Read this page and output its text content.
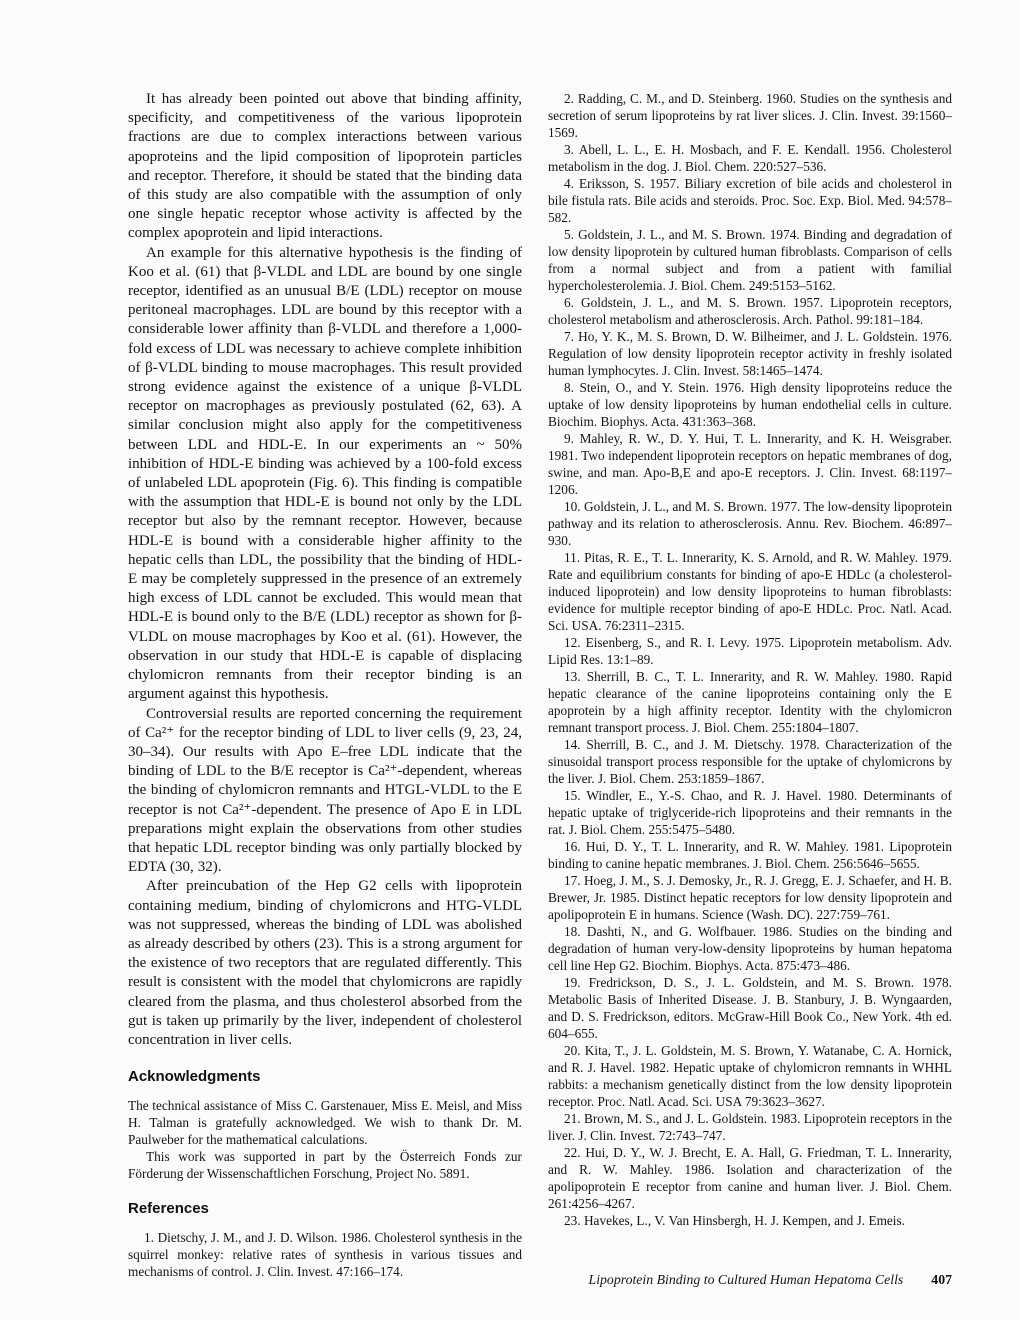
It has already been pointed out above that binding affinity, specificity, and competitiveness of the various lipoprotein fractions are due to complex interactions between various apoproteins and the lipid composition of lipoprotein particles and receptor. Therefore, it should be stated that the binding data of this study are also compatible with the assumption of only one single hepatic receptor whose activity is affected by the complex apoprotein and lipid interactions.

An example for this alternative hypothesis is the finding of Koo et al. (61) that β-VLDL and LDL are bound by one single receptor, identified as an unusual B/E (LDL) receptor on mouse peritoneal macrophages. LDL are bound by this receptor with a considerable lower affinity than β-VLDL and therefore a 1,000-fold excess of LDL was necessary to achieve complete inhibition of β-VLDL binding to mouse macrophages. This result provided strong evidence against the existence of a unique β-VLDL receptor on macrophages as previously postulated (62, 63). A similar conclusion might also apply for the competitiveness between LDL and HDL-E. In our experiments an ~ 50% inhibition of HDL-E binding was achieved by a 100-fold excess of unlabeled LDL apoprotein (Fig. 6). This finding is compatible with the assumption that HDL-E is bound not only by the LDL receptor but also by the remnant receptor. However, because HDL-E is bound with a considerable higher affinity to the hepatic cells than LDL, the possibility that the binding of HDL-E may be completely suppressed in the presence of an extremely high excess of LDL cannot be excluded. This would mean that HDL-E is bound only to the B/E (LDL) receptor as shown for β-VLDL on mouse macrophages by Koo et al. (61). However, the observation in our study that HDL-E is capable of displacing chylomicron remnants from their receptor binding is an argument against this hypothesis.

Controversial results are reported concerning the requirement of Ca²⁺ for the receptor binding of LDL to liver cells (9, 23, 24, 30–34). Our results with Apo E–free LDL indicate that the binding of LDL to the B/E receptor is Ca²⁺-dependent, whereas the binding of chylomicron remnants and HTGL-VLDL to the E receptor is not Ca²⁺-dependent. The presence of Apo E in LDL preparations might explain the observations from other studies that hepatic LDL receptor binding was only partially blocked by EDTA (30, 32).

After preincubation of the Hep G2 cells with lipoprotein containing medium, binding of chylomicrons and HTG-VLDL was not suppressed, whereas the binding of LDL was abolished as already described by others (23). This is a strong argument for the existence of two receptors that are regulated differently. This result is consistent with the model that chylomicrons are rapidly cleared from the plasma, and thus cholesterol absorbed from the gut is taken up primarily by the liver, independent of cholesterol concentration in liver cells.

Acknowledgments

The technical assistance of Miss C. Garstenauer, Miss E. Meisl, and Miss H. Talman is gratefully acknowledged. We wish to thank Dr. M. Paulweber for the mathematical calculations.

This work was supported in part by the Österreich Fonds zur Förderung der Wissenschaftlichen Forschung, Project No. 5891.

References

1. Dietschy, J. M., and J. D. Wilson. 1986. Cholesterol synthesis in the squirrel monkey: relative rates of synthesis in various tissues and mechanisms of control. J. Clin. Invest. 47:166–174.

2. Radding, C. M., and D. Steinberg. 1960. Studies on the synthesis and secretion of serum lipoproteins by rat liver slices. J. Clin. Invest. 39:1560–1569.

3. Abell, L. L., E. H. Mosbach, and F. E. Kendall. 1956. Cholesterol metabolism in the dog. J. Biol. Chem. 220:527–536.

4. Eriksson, S. 1957. Biliary excretion of bile acids and cholesterol in bile fistula rats. Bile acids and steroids. Proc. Soc. Exp. Biol. Med. 94:578–582.

5. Goldstein, J. L., and M. S. Brown. 1974. Binding and degradation of low density lipoprotein by cultured human fibroblasts. Comparison of cells from a normal subject and from a patient with familial hypercholesterolemia. J. Biol. Chem. 249:5153–5162.

6. Goldstein, J. L., and M. S. Brown. 1957. Lipoprotein receptors, cholesterol metabolism and atherosclerosis. Arch. Pathol. 99:181–184.

7. Ho, Y. K., M. S. Brown, D. W. Bilheimer, and J. L. Goldstein. 1976. Regulation of low density lipoprotein receptor activity in freshly isolated human lymphocytes. J. Clin. Invest. 58:1465–1474.

8. Stein, O., and Y. Stein. 1976. High density lipoproteins reduce the uptake of low density lipoproteins by human endothelial cells in culture. Biochim. Biophys. Acta. 431:363–368.

9. Mahley, R. W., D. Y. Hui, T. L. Innerarity, and K. H. Weisgraber. 1981. Two independent lipoprotein receptors on hepatic membranes of dog, swine, and man. Apo-B,E and apo-E receptors. J. Clin. Invest. 68:1197–1206.

10. Goldstein, J. L., and M. S. Brown. 1977. The low-density lipoprotein pathway and its relation to atherosclerosis. Annu. Rev. Biochem. 46:897–930.

11. Pitas, R. E., T. L. Innerarity, K. S. Arnold, and R. W. Mahley. 1979. Rate and equilibrium constants for binding of apo-E HDLc (a cholesterol-induced lipoprotein) and low density lipoproteins to human fibroblasts: evidence for multiple receptor binding of apo-E HDLc. Proc. Natl. Acad. Sci. USA. 76:2311–2315.

12. Eisenberg, S., and R. I. Levy. 1975. Lipoprotein metabolism. Adv. Lipid Res. 13:1–89.

13. Sherrill, B. C., T. L. Innerarity, and R. W. Mahley. 1980. Rapid hepatic clearance of the canine lipoproteins containing only the E apoprotein by a high affinity receptor. Identity with the chylomicron remnant transport process. J. Biol. Chem. 255:1804–1807.

14. Sherrill, B. C., and J. M. Dietschy. 1978. Characterization of the sinusoidal transport process responsible for the uptake of chylomicrons by the liver. J. Biol. Chem. 253:1859–1867.

15. Windler, E., Y.-S. Chao, and R. J. Havel. 1980. Determinants of hepatic uptake of triglyceride-rich lipoproteins and their remnants in the rat. J. Biol. Chem. 255:5475–5480.

16. Hui, D. Y., T. L. Innerarity, and R. W. Mahley. 1981. Lipoprotein binding to canine hepatic membranes. J. Biol. Chem. 256:5646–5655.

17. Hoeg, J. M., S. J. Demosky, Jr., R. J. Gregg, E. J. Schaefer, and H. B. Brewer, Jr. 1985. Distinct hepatic receptors for low density lipoprotein and apolipoprotein E in humans. Science (Wash. DC). 227:759–761.

18. Dashti, N., and G. Wolfbauer. 1986. Studies on the binding and degradation of human very-low-density lipoproteins by human hepatoma cell line Hep G2. Biochim. Biophys. Acta. 875:473–486.

19. Fredrickson, D. S., J. L. Goldstein, and M. S. Brown. 1978. Metabolic Basis of Inherited Disease. J. B. Stanbury, J. B. Wyngaarden, and D. S. Fredrickson, editors. McGraw-Hill Book Co., New York. 4th ed. 604–655.

20. Kita, T., J. L. Goldstein, M. S. Brown, Y. Watanabe, C. A. Hornick, and R. J. Havel. 1982. Hepatic uptake of chylomicron remnants in WHHL rabbits: a mechanism genetically distinct from the low density lipoprotein receptor. Proc. Natl. Acad. Sci. USA 79:3623–3627.

21. Brown, M. S., and J. L. Goldstein. 1983. Lipoprotein receptors in the liver. J. Clin. Invest. 72:743–747.

22. Hui, D. Y., W. J. Brecht, E. A. Hall, G. Friedman, T. L. Innerarity, and R. W. Mahley. 1986. Isolation and characterization of the apolipoprotein E receptor from canine and human liver. J. Biol. Chem. 261:4256–4267.

23. Havekes, L., V. Van Hinsbergh, H. J. Kempen, and J. Emeis.

Lipoprotein Binding to Cultured Human Hepatoma Cells 407
